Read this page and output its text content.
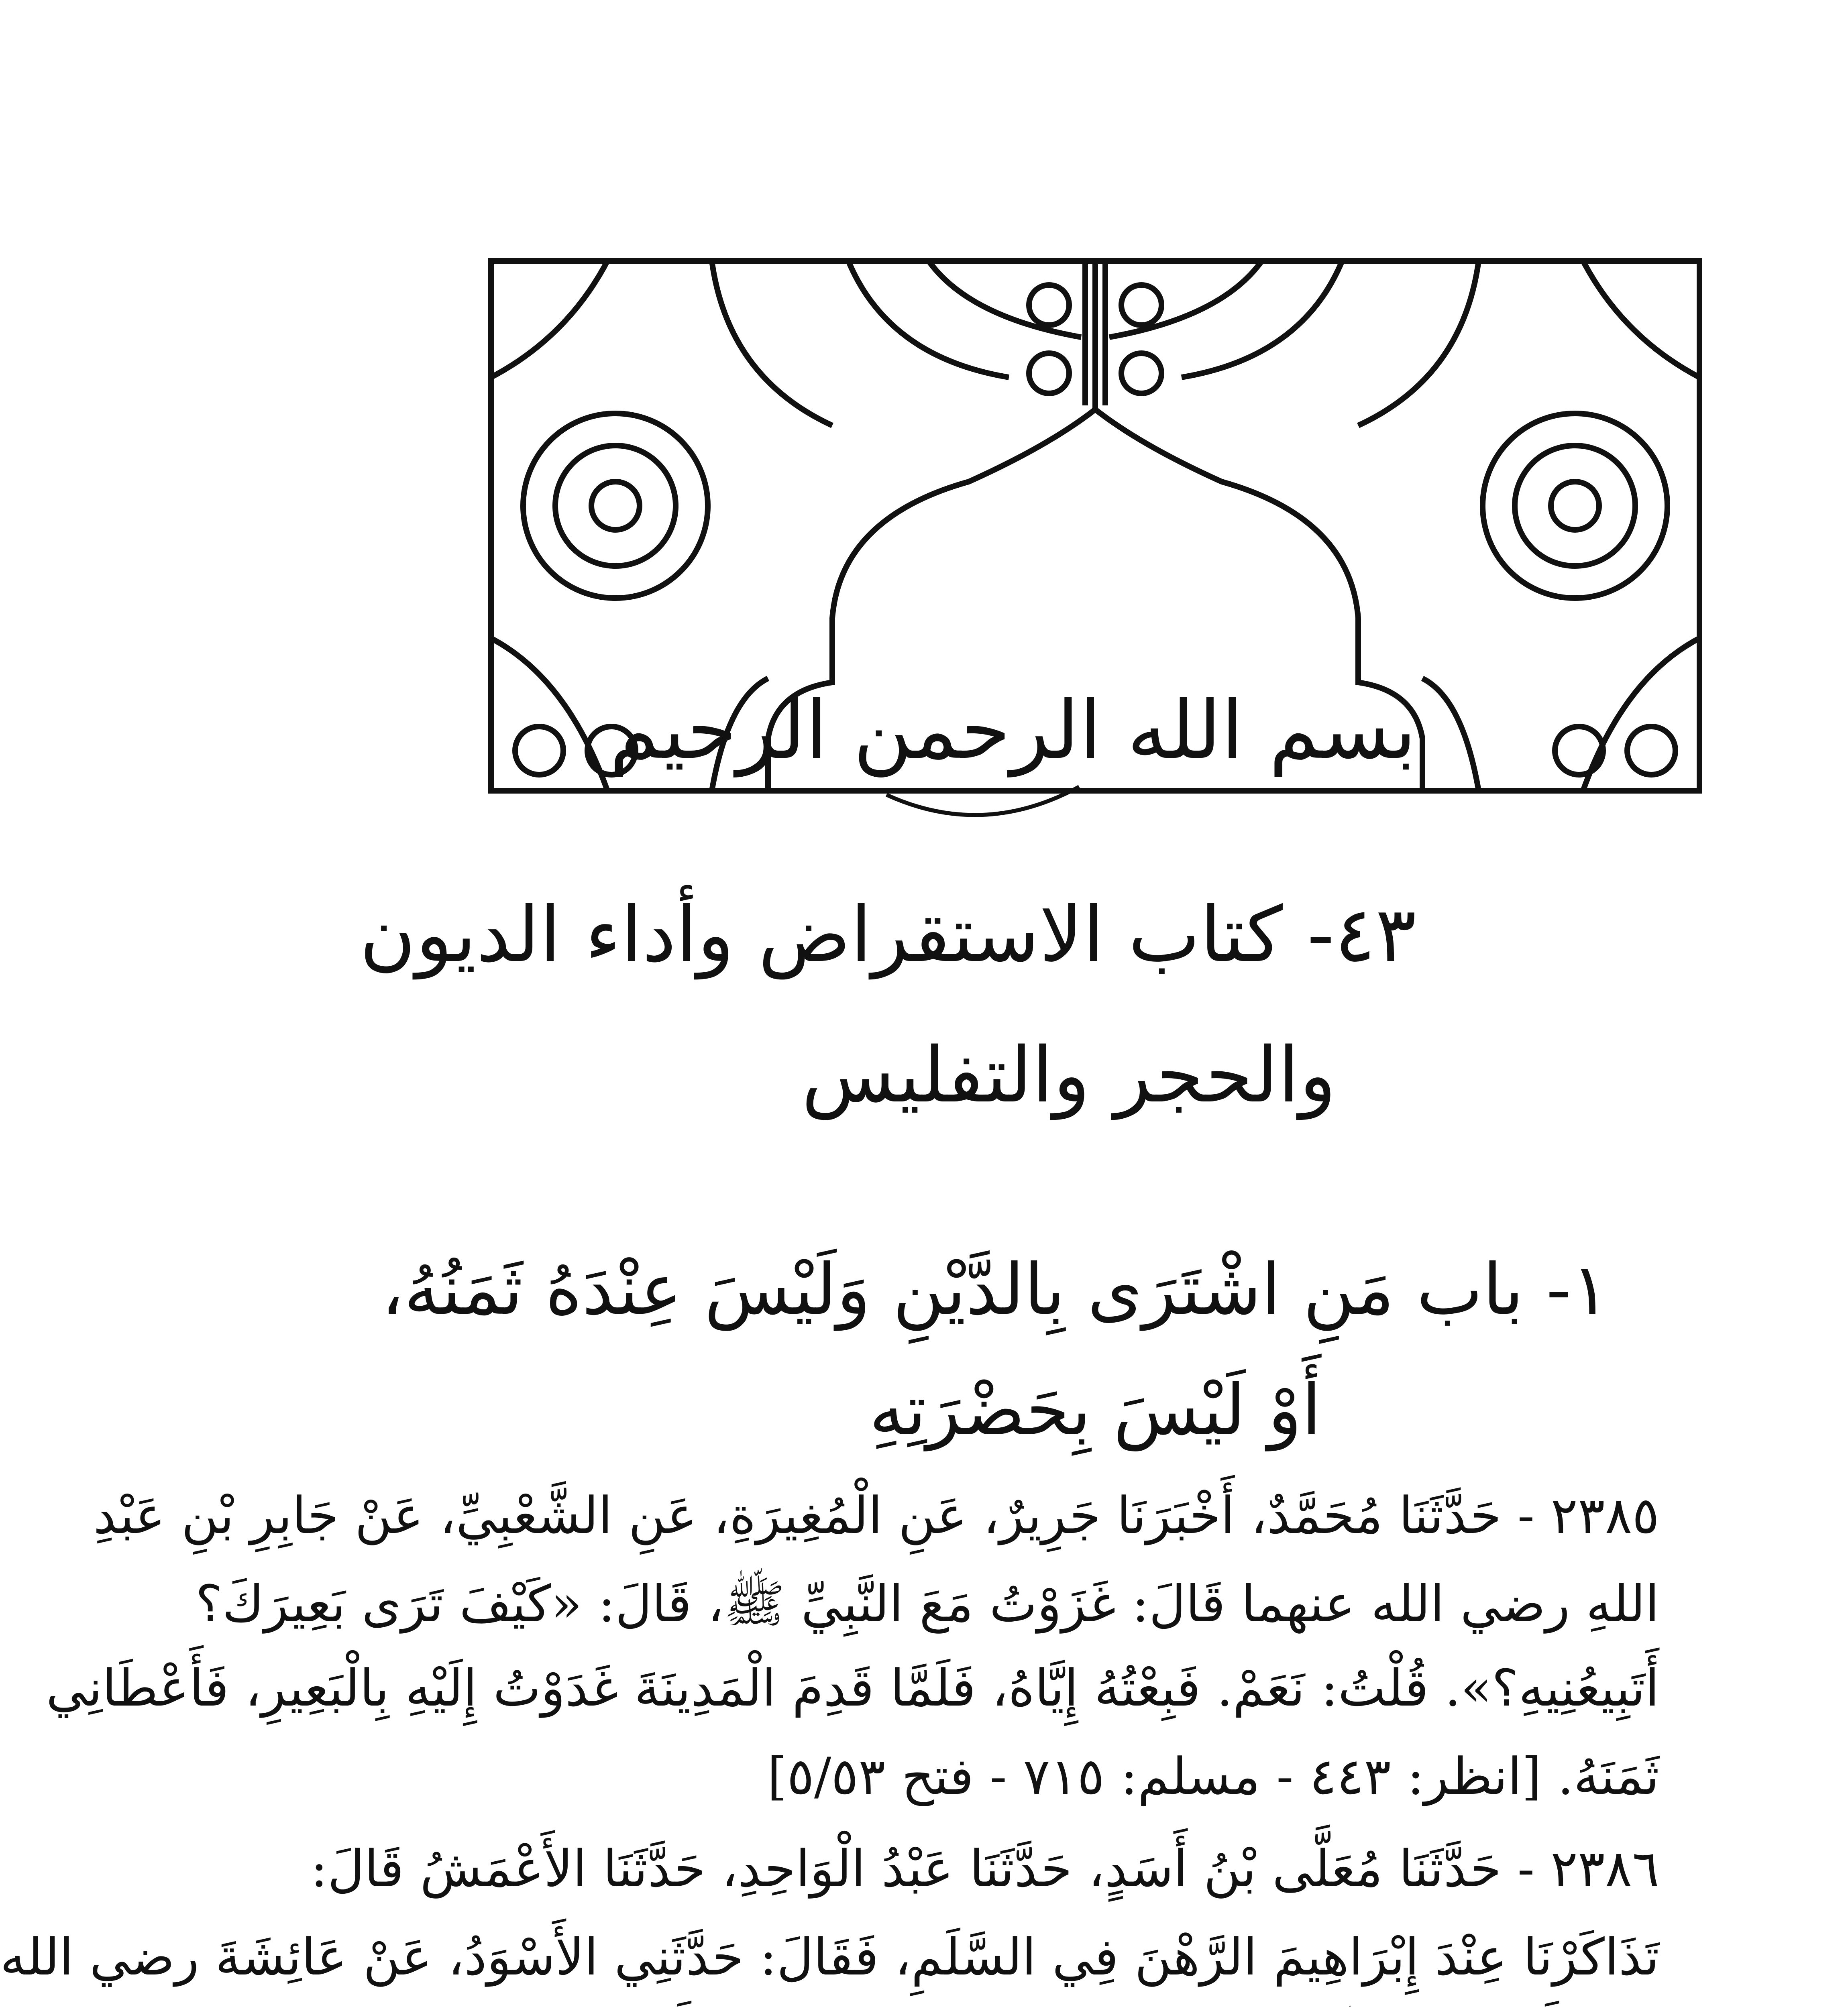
بسم الله الرحمن الرحيم
٤٣- كتاب الاستقراض وأداء الديون
والحجر والتفليس
١- باب مَنِ اشْتَرَى بِالدَّيْنِ وَلَيْسَ عِنْدَهُ ثَمَنُهُ،
أَوْ لَيْسَ بِحَضْرَتِهِ
٢٣٨٥ - حَدَّثَنَا مُحَمَّدٌ، أَخْبَرَنَا جَرِيرٌ، عَنِ الْمُغِيرَةِ، عَنِ الشَّعْبِيِّ، عَنْ جَابِرِ بْنِ عَبْدِ
اللهِ رضي الله عنهما قَالَ: غَزَوْتُ مَعَ النَّبِيِّ ﷺ، قَالَ: «كَيْفَ تَرَى بَعِيرَكَ؟
أَتَبِيعُنِيهِ؟». قُلْتُ: نَعَمْ. فَبِعْتُهُ إِيَّاهُ، فَلَمَّا قَدِمَ الْمَدِينَةَ غَدَوْتُ إِلَيْهِ بِالْبَعِيرِ، فَأَعْطَانِي
ثَمَنَهُ. [انظر: ٤٤٣ - مسلم: ٧١٥ - فتح ٥/٥٣]
٢٣٨٦ - حَدَّثَنَا مُعَلَّى بْنُ أَسَدٍ، حَدَّثَنَا عَبْدُ الْوَاحِدِ، حَدَّثَنَا الأَعْمَشُ قَالَ:
تَذَاكَرْنَا عِنْدَ إِبْرَاهِيمَ الرَّهْنَ فِي السَّلَمِ، فَقَالَ: حَدَّثَنِي الأَسْوَدُ، عَنْ عَائِشَةَ رضي الله
